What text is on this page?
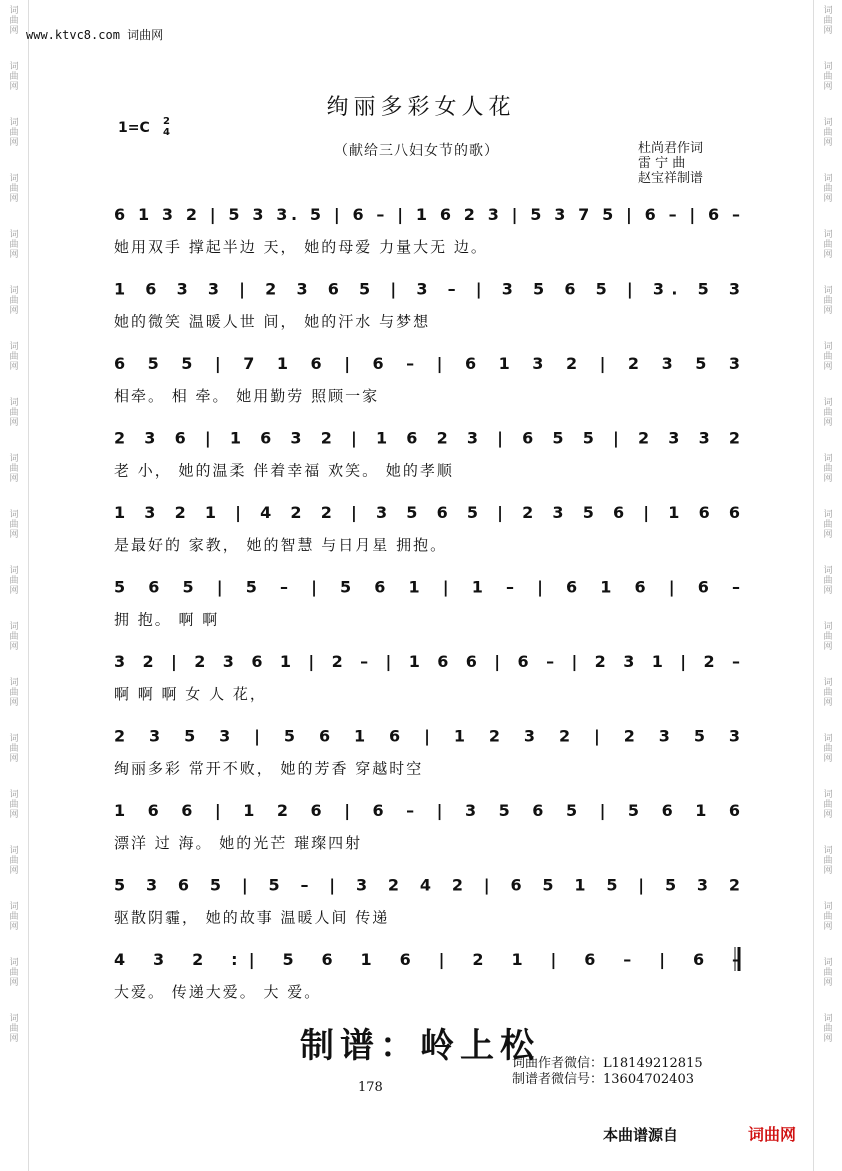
词
曲
网
词
曲
网
词
曲
网
词
曲
网
词
曲
网
词
曲
网
词
曲
网
词
曲
网
词
曲
网
词
曲
网
词
曲
网
词
曲
网
词
曲
网
词
曲
网
词
曲
网
词
曲
网
词
曲
网
词
曲
网
词
曲
网
词
曲
网
词
曲
网
词
曲
网
词
曲
网
词
曲
网
词
曲
网
词
曲
网
词
曲
网
词
曲
网
词
曲
网
词
曲
网
词
曲
网
词
曲
网
词
曲
网
词
曲
网
词
曲
网
词
曲
网
词
曲
网
词
曲
网
www.ktvc8.com 词曲网
绚丽多彩女人花
1=C 2
4
（献给三八妇女节的歌）	杜尚君作词
雷 宁 曲
赵宝祥制谱
6 1 3 2 | 5 3 3. 5 | 6 – | 1 6 2 3 | 5 3 7 5 | 6 – | 6 –
她用双手 撑起半边 天， 她的母爱 力量大无 边。
1 6 3 3 | 2 3 6 5 | 3 – | 3 5 6 5 | 3. 5 3
她的微笑 温暖人世 间， 她的汗水 与梦想
6 5 5 | 7 1 6 | 6 – | 6 1 3 2 | 2 3 5 3
相牵。 相 牵。 她用勤劳 照顾一家
2 3 6 | 1 6 3 2 | 1 6 2 3 | 6 5 5 | 2 3 3 2
老 小， 她的温柔 伴着幸福 欢笑。 她的孝顺
1 3 2 1 | 4 2 2 | 3 5 6 5 | 2 3 5 6 | 1 6 6
是最好的 家教， 她的智慧 与日月星 拥抱。
5 6 5 | 5 – | 5 6 1 | 1 – | 6 1 6 | 6 –
拥 抱。 啊 啊
3 2 | 2 3 6 1 | 2 – | 1 6 6 | 6 – | 2 3 1 | 2 –
啊 啊 啊 女 人 花，
2 3 5 3 | 5 6 1 6 | 1 2 3 2 | 2 3 5 3
绚丽多彩 常开不败， 她的芳香 穿越时空
1 6 6 | 1 2 6 | 6 – | 3 5 6 5 | 5 6 1 6
漂洋 过 海。 她的光芒 璀璨四射
5 3 6 5 | 5 – | 3 2 4 2 | 6 5 1 5 | 5 3 2
驱散阴霾， 她的故事 温暖人间 传递
4 3 2 :| 5 6 1 6 | 2 1 | 6 – | 6 –
大爱。 传递大爱。 大 爱。
制谱：岭上松
词曲作者微信：L18149212815
制谱者微信号：13604702403
178
本曲谱源自	词曲网
